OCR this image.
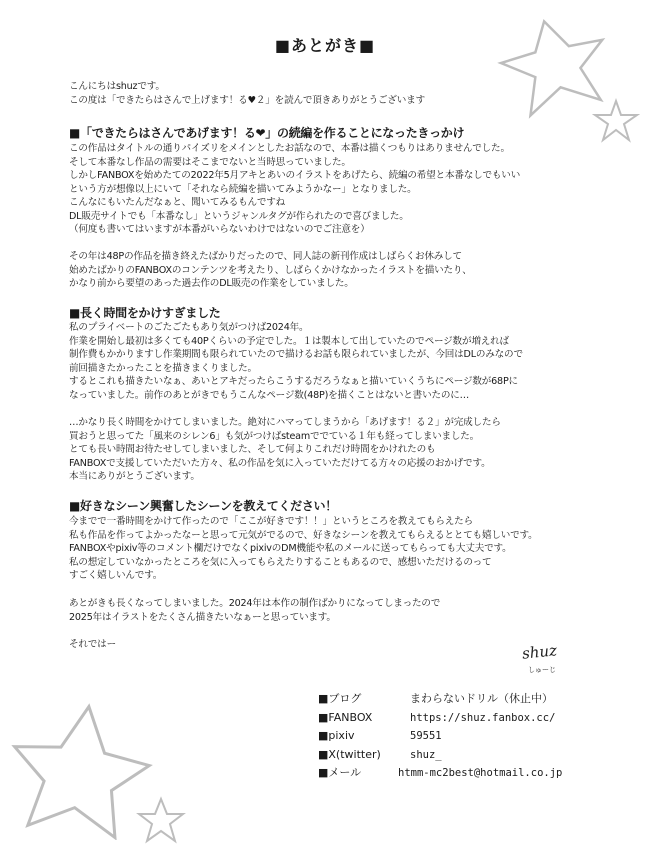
■あとがき■
こんにちはshuzです。
この度は「できたらはさんで上げます！る♥２」を読んで頂きありがとうございます
■「できたらはさんであげます！る❤」の続編を作ることになったきっかけ
この作品はタイトルの通りパイズリをメインとしたお話なので、本番は描くつもりはありませんでした。
そして本番なし作品の需要はそこまでないと当時思っていました。
しかしFANBOXを始めたての2022年5月アキとあいのイラストをあげたら、続編の希望と本番なしでもいい
という方が想像以上にいて「それなら続編を描いてみようかなー」となりました。
こんなにもいたんだなぁと、聞いてみるもんですね
DL販売サイトでも「本番なし」というジャンルタグが作られたので喜びました。
（何度も書いてはいますが本番がいらないわけではないのでご注意を）
その年は48Pの作品を描き終えたばかりだったので、同人誌の新刊作成はしばらくお休みして
始めたばかりのFANBOXのコンテンツを考えたり、しばらくかけなかったイラストを描いたり、
かなり前から要望のあった過去作のDL販売の作業をしていました。
■長く時間をかけすぎました
私のプライベートのごたごたもあり気がつけば2024年。
作業を開始し最初は多くても40Pくらいの予定でした。１は製本して出していたのでページ数が増えれば
制作費もかかりますし作業期間も限られていたので描けるお話も限られていましたが、今回はDLのみなので
前回描きたかったことを描きまくりました。
するとこれも描きたいなぁ、あいとアキだったらこうするだろうなぁと描いていくうちにページ数が68Pに
なっていました。前作のあとがきでもうこんなページ数(48P)を描くことはないと書いたのに…
…かなり長く時間をかけてしまいました。絶対にハマってしまうから「あげます！る２」が完成したら
買おうと思ってた「風来のシレン6」も気がつけばsteamででている１年も経ってしまいました。
とても長い時間お待たせしてしまいました、そして何よりこれだけ時間をかけれたのも
FANBOXで支援していただいた方々、私の作品を気に入っていただけてる方々の応援のおかげです。
本当にありがとうございます。
■好きなシーン興奮したシーンを教えてください！
今までで一番時間をかけて作ったので「ここが好きです！！」というところを教えてもらえたら
私も作品を作ってよかったなーと思って元気がでるので、好きなシーンを教えてもらえるととても嬉しいです。
FANBOXやpixiv等のコメント欄だけでなくpixivのDM機能や私のメールに送ってもらっても大丈夫です。
私の想定していなかったところを気に入ってもらえたりすることもあるので、感想いただけるのって
すごく嬉しいんです。
あとがきも長くなってしまいました。2024年は本作の制作ばかりになってしまったので
2025年はイラストをたくさん描きたいなぁーと思っています。
それではー	shuz
しゅーじ
■ブログ	まわらないドリル（休止中）
■FANBOX	https://shuz.fanbox.cc/
■pixiv	59551
■X(twitter)	shuz_
■メール	htmm-mc2best@hotmail.co.jp
